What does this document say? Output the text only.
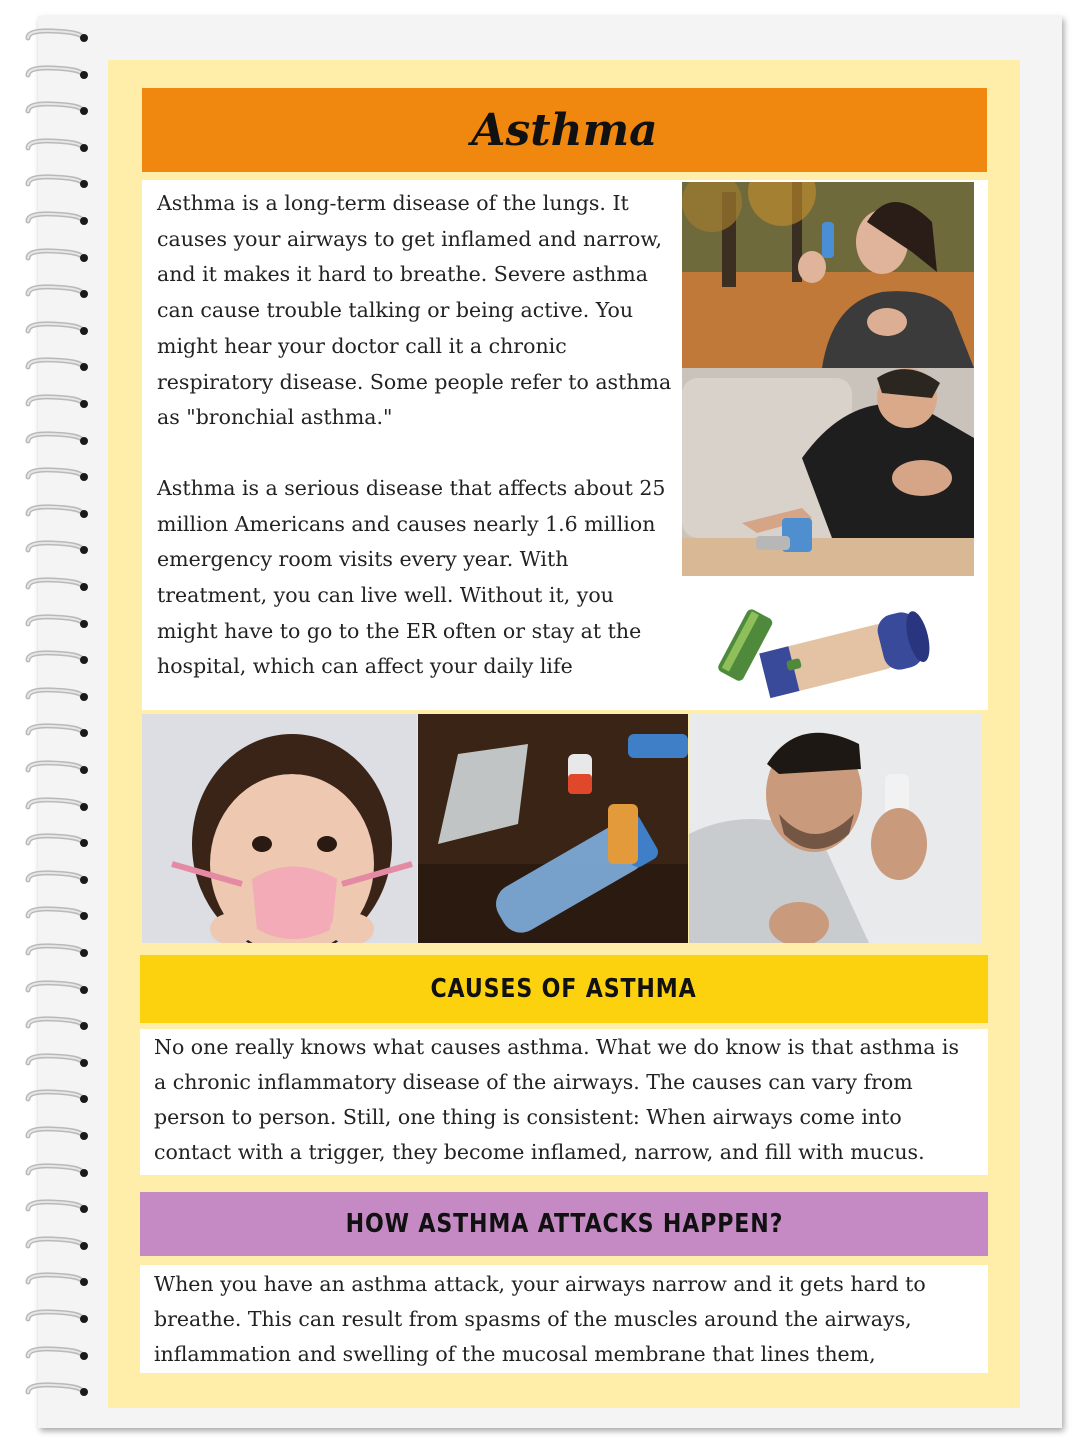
Asthma

Asthma is a long-term disease of the lungs. It causes your airways to get inflamed and narrow, and it makes it hard to breathe. Severe asthma can cause trouble talking or being active. You might hear your doctor call it a chronic respiratory disease. Some people refer to asthma as "bronchial asthma."

Asthma is a serious disease that affects about 25 million Americans and causes nearly 1.6 million emergency room visits every year. With treatment, you can live well. Without it, you might have to go to the ER often or stay at the hospital, which can affect your daily life

CAUSES OF ASTHMA
No one really knows what causes asthma. What we do know is that asthma is a chronic inflammatory disease of the airways. The causes can vary from person to person. Still, one thing is consistent: When airways come into contact with a trigger, they become inflamed, narrow, and fill with mucus.
HOW ASTHMA ATTACKS HAPPEN?
When you have an asthma attack, your airways narrow and it gets hard to breathe. This can result from spasms of the muscles around the airways, inflammation and swelling of the mucosal membrane that lines them,
